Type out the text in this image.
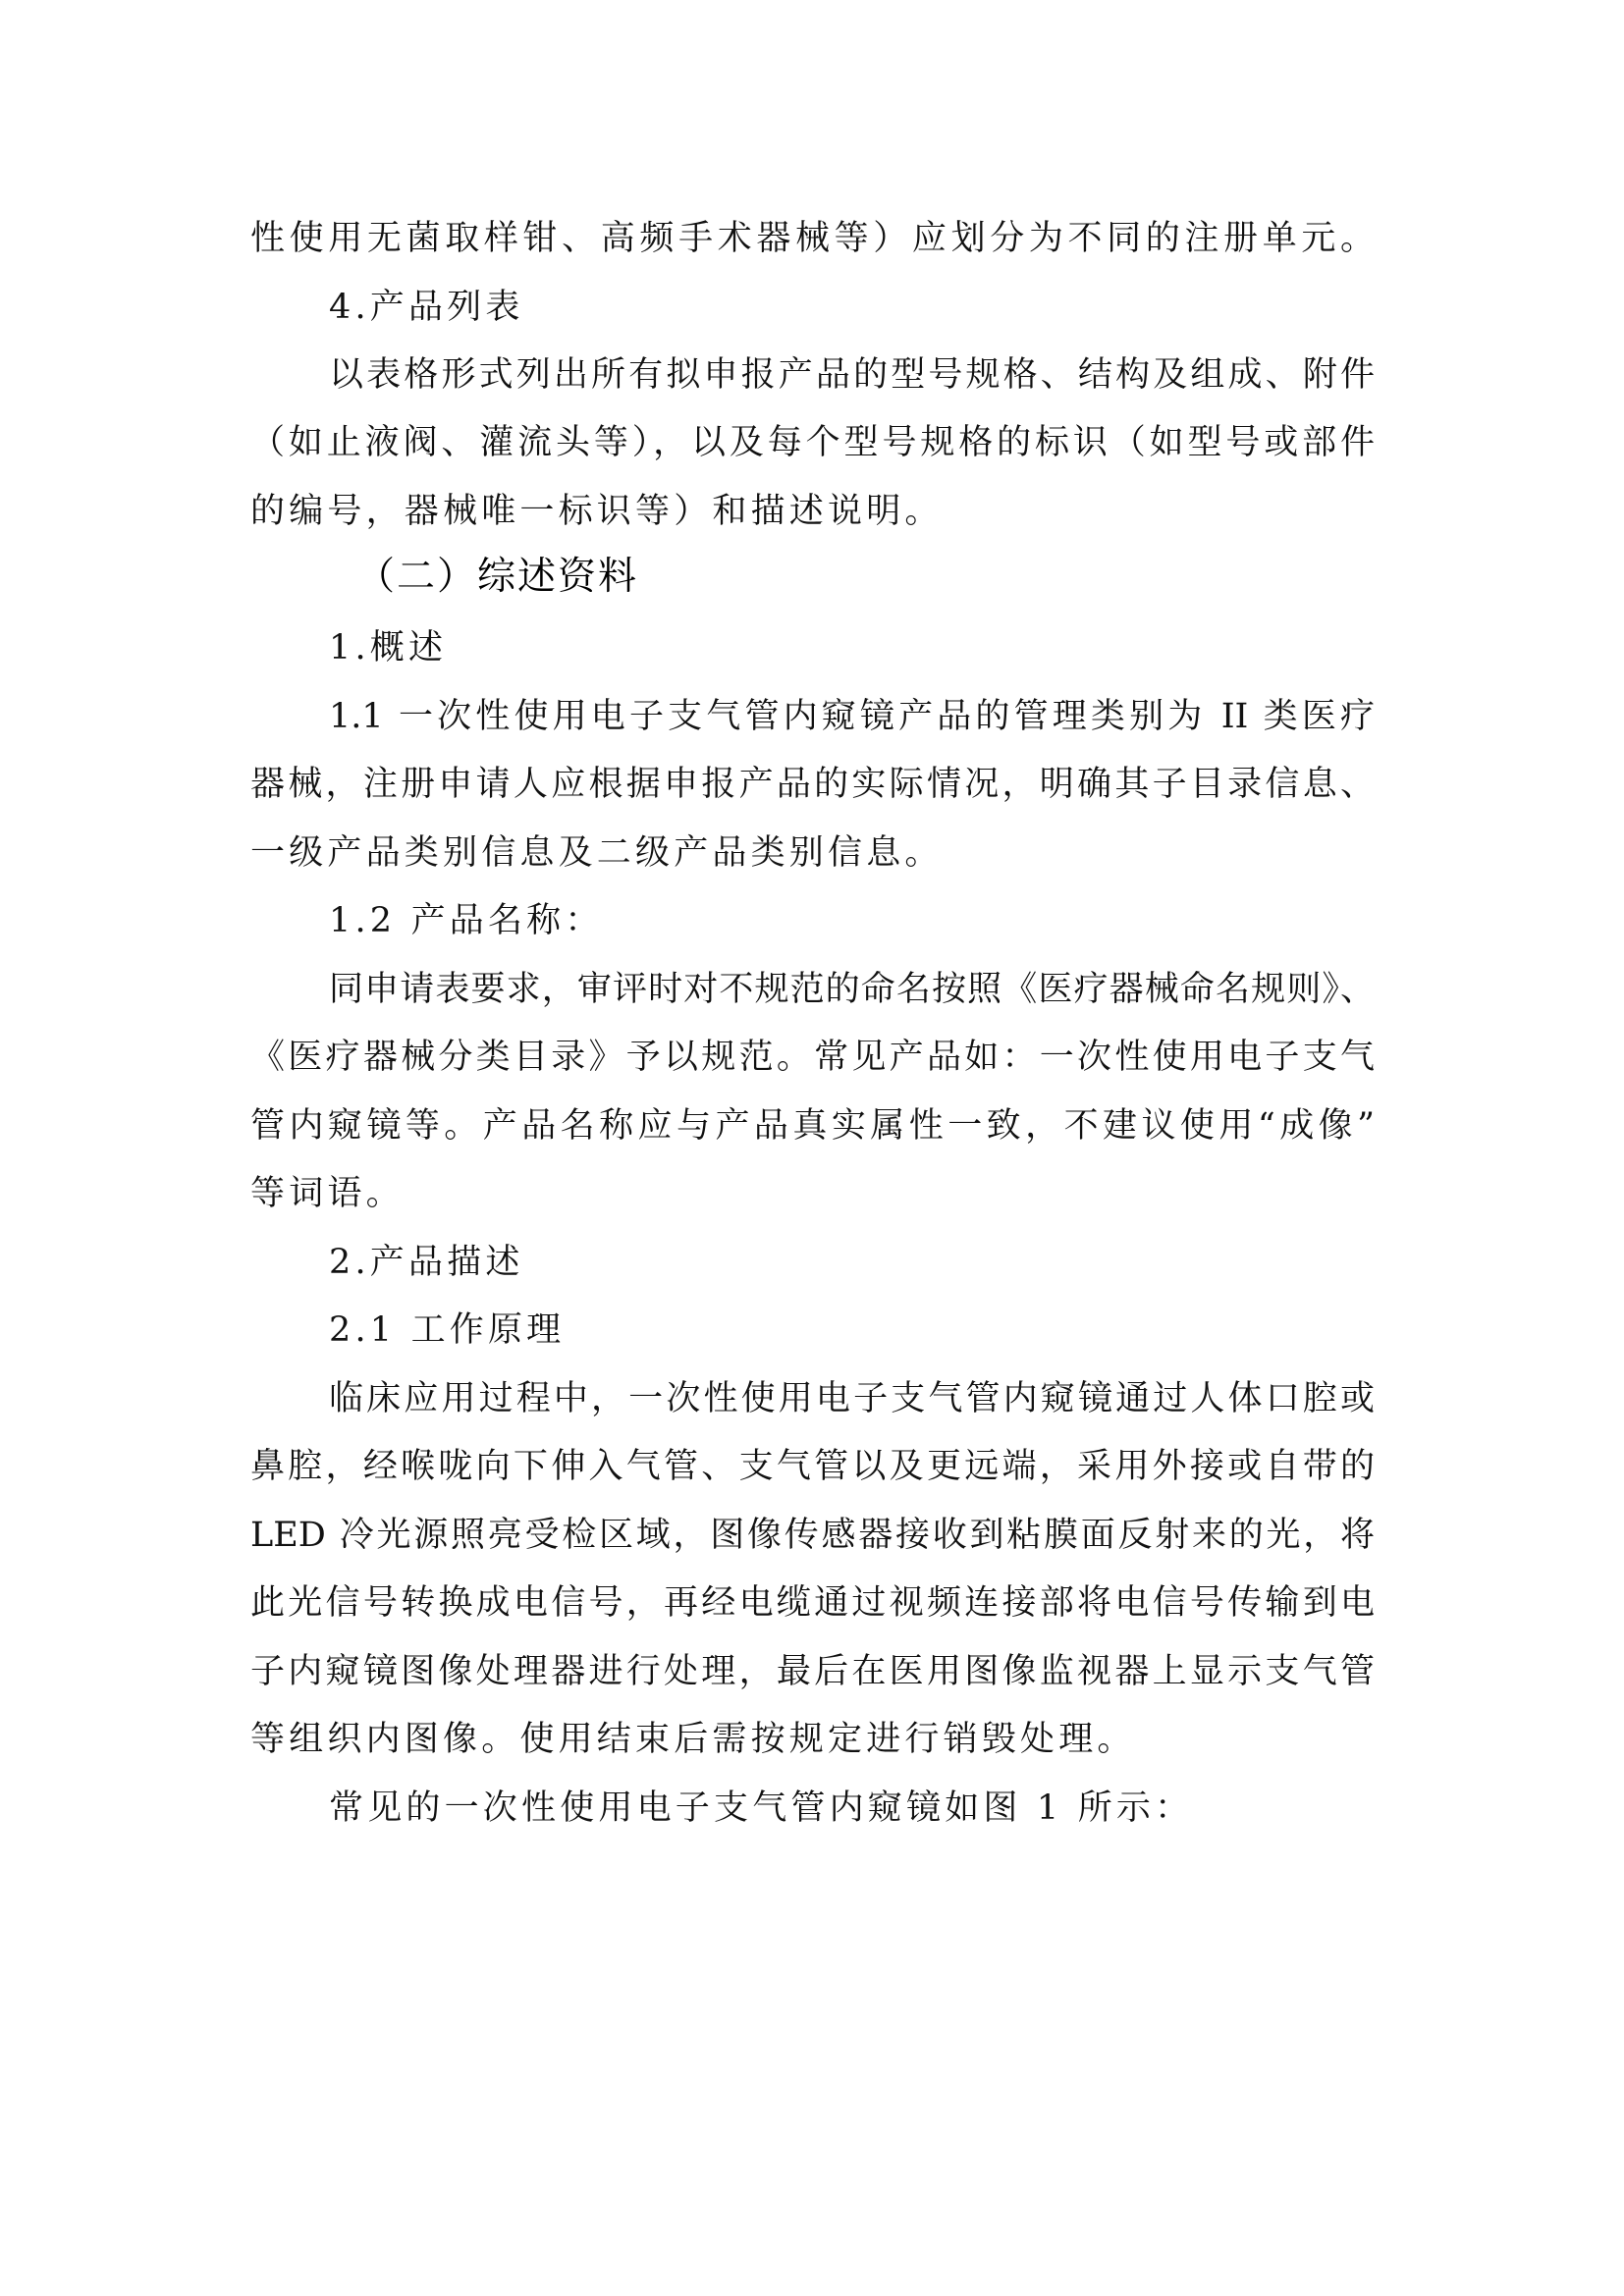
性使用无菌取样钳、高频手术器械等）应划分为不同的注册单元。
4.产品列表
以表格形式列出所有拟申报产品的型号规格、结构及组成、附件
（如止液阀、灌流头等），以及每个型号规格的标识（如型号或部件
的编号，器械唯一标识等）和描述说明。
（二）综述资料
1.概述
1.1 一次性使用电子支气管内窥镜产品的管理类别为 II 类医疗
器械，注册申请人应根据申报产品的实际情况，明确其子目录信息、
一级产品类别信息及二级产品类别信息。
1.2 产品名称：
同申请表要求，审评时对不规范的命名按照《医疗器械命名规则》、
《医疗器械分类目录》予以规范。常见产品如：一次性使用电子支气
管内窥镜等。产品名称应与产品真实属性一致，不建议使用“成像”
等词语。
2.产品描述
2.1 工作原理
临床应用过程中，一次性使用电子支气管内窥镜通过人体口腔或
鼻腔，经喉咙向下伸入气管、支气管以及更远端，采用外接或自带的
LED 冷光源照亮受检区域，图像传感器接收到粘膜面反射来的光，将
此光信号转换成电信号，再经电缆通过视频连接部将电信号传输到电
子内窥镜图像处理器进行处理，最后在医用图像监视器上显示支气管
等组织内图像。使用结束后需按规定进行销毁处理。
常见的一次性使用电子支气管内窥镜如图 1 所示：
